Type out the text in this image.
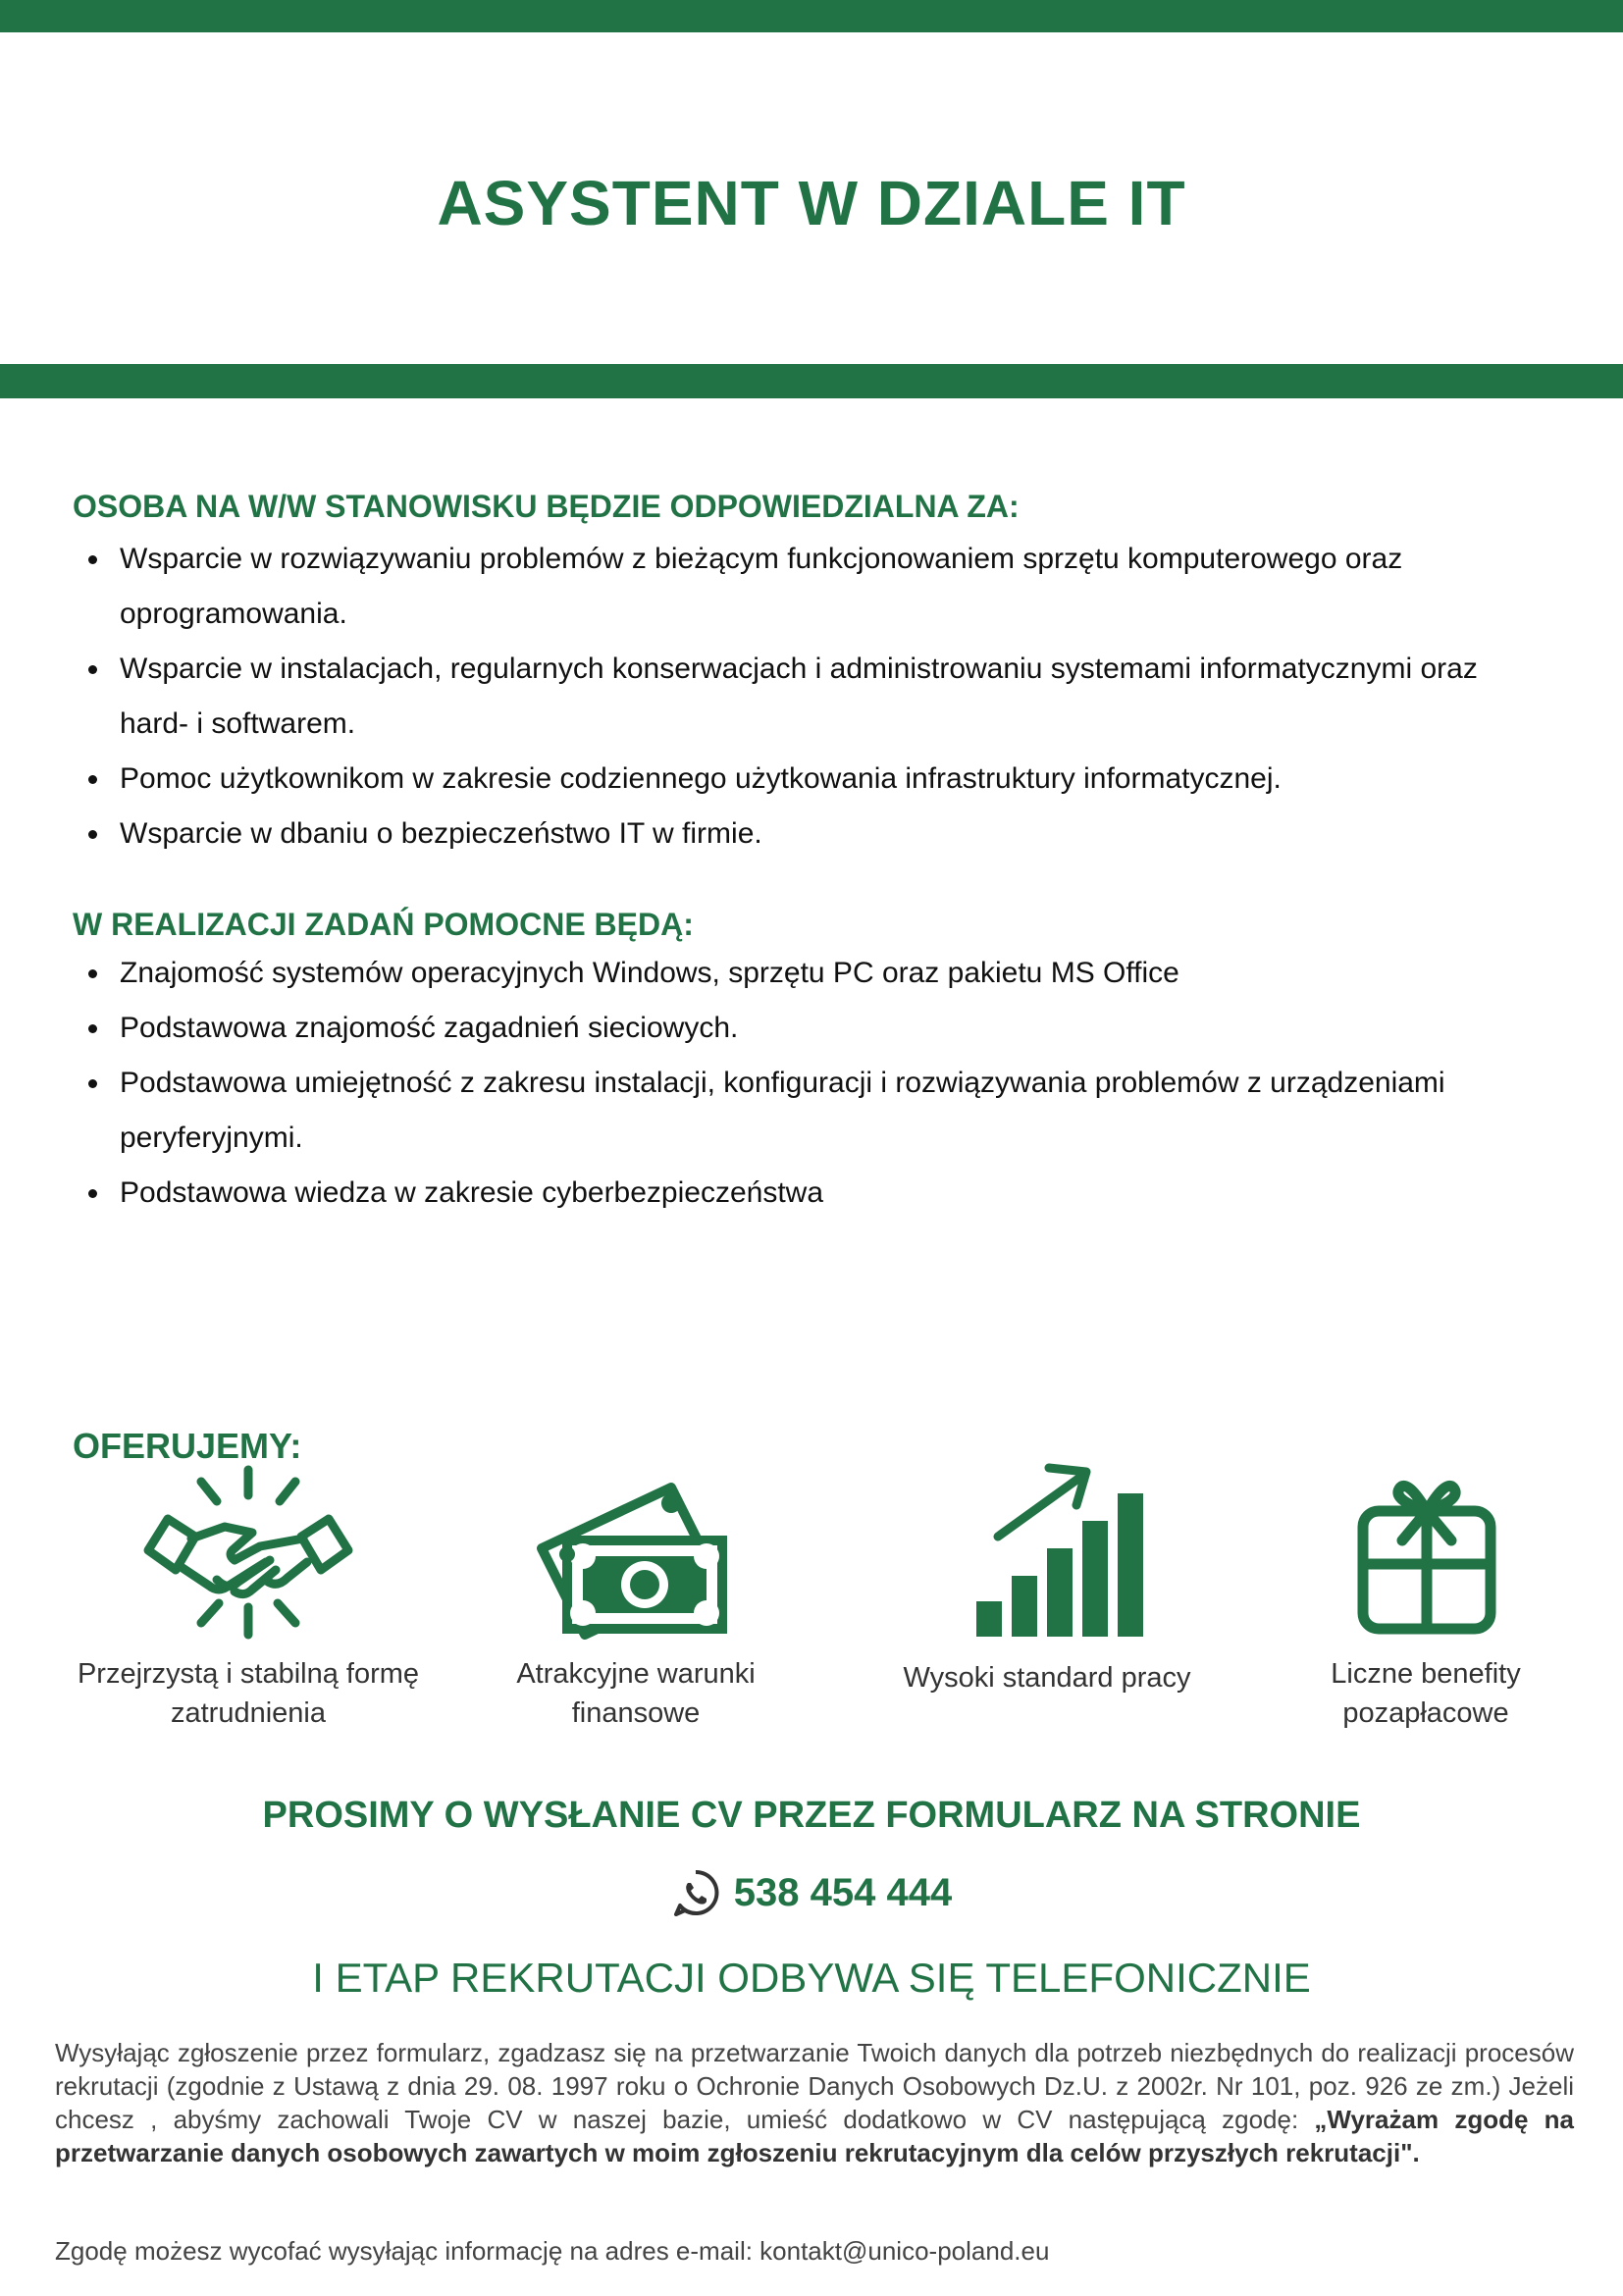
ASYSTENT W DZIALE IT
OSOBA NA W/W STANOWISKU BĘDZIE ODPOWIEDZIALNA ZA:
Wsparcie w rozwiązywaniu problemów z bieżącym funkcjonowaniem sprzętu komputerowego oraz oprogramowania.
Wsparcie w instalacjach, regularnych konserwacjach i administrowaniu systemami informatycznymi oraz hard- i softwarem.
Pomoc użytkownikom w zakresie codziennego użytkowania infrastruktury informatycznej.
Wsparcie w dbaniu o bezpieczeństwo IT w firmie.
W REALIZACJI ZADAŃ POMOCNE BĘDĄ:
Znajomość systemów operacyjnych Windows, sprzętu PC oraz pakietu MS Office
Podstawowa znajomość zagadnień sieciowych.
Podstawowa umiejętność z zakresu instalacji, konfiguracji i rozwiązywania problemów z urządzeniami peryferyjnymi.
Podstawowa wiedza w zakresie cyberbezpieczeństwa
OFERUJEMY:
Przejrzystą i stabilną formę
zatrudnienia
Atrakcyjne warunki
finansowe
Wysoki standard pracy	Liczne benefity
pozapłacowe
PROSIMY O WYSŁANIE CV PRZEZ FORMULARZ NA STRONIE
538 454 444
I ETAP REKRUTACJI ODBYWA SIĘ TELEFONICZNIE

Wysyłając zgłoszenie przez formularz, zgadzasz się na przetwarzanie Twoich danych dla potrzeb niezbędnych do realizacji procesów rekrutacji (zgodnie z Ustawą z dnia 29. 08. 1997 roku o Ochronie Danych Osobowych Dz.U. z 2002r. Nr 101, poz. 926 ze zm.) Jeżeli chcesz , abyśmy zachowali Twoje CV w naszej bazie, umieść dodatkowo w CV następującą zgodę: „Wyrażam zgodę na przetwarzanie danych osobowych zawartych w moim zgłoszeniu rekrutacyjnym dla celów przyszłych rekrutacji".

Zgodę możesz wycofać wysyłając informację na adres e-mail: kontakt@unico-poland.eu
